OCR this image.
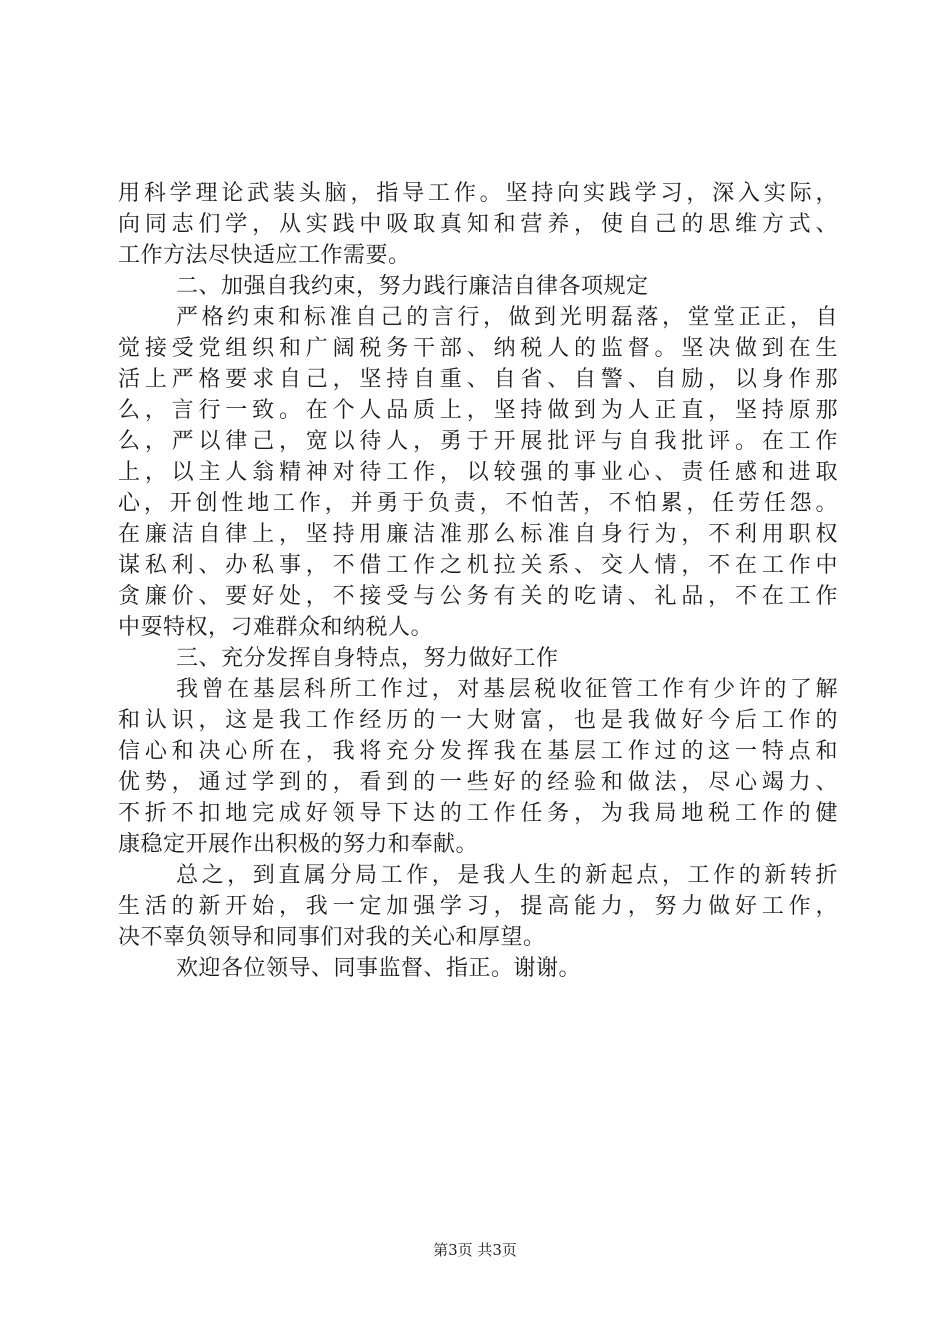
用科学理论武装头脑，指导工作。坚持向实践学习，深入实际，
向同志们学，从实践中吸取真知和营养，使自己的思维方式、
工作方法尽快适应工作需要。
二、加强自我约束，努力践行廉洁自律各项规定
严格约束和标准自己的言行，做到光明磊落，堂堂正正，自
觉接受党组织和广阔税务干部、纳税人的监督。坚决做到在生
活上严格要求自己，坚持自重、自省、自警、自励，以身作那
么，言行一致。在个人品质上，坚持做到为人正直，坚持原那
么，严以律己，宽以待人，勇于开展批评与自我批评。在工作
上，以主人翁精神对待工作，以较强的事业心、责任感和进取
心，开创性地工作，并勇于负责，不怕苦，不怕累，任劳任怨。
在廉洁自律上，坚持用廉洁准那么标准自身行为，不利用职权
谋私利、办私事，不借工作之机拉关系、交人情，不在工作中
贪廉价、要好处，不接受与公务有关的吃请、礼品，不在工作
中耍特权，刁难群众和纳税人。
三、充分发挥自身特点，努力做好工作
我曾在基层科所工作过，对基层税收征管工作有少许的了解
和认识，这是我工作经历的一大财富，也是我做好今后工作的
信心和决心所在，我将充分发挥我在基层工作过的这一特点和
优势，通过学到的，看到的一些好的经验和做法，尽心竭力、
不折不扣地完成好领导下达的工作任务，为我局地税工作的健
康稳定开展作出积极的努力和奉献。
总之，到直属分局工作，是我人生的新起点，工作的新转折
生活的新开始，我一定加强学习，提高能力，努力做好工作，
决不辜负领导和同事们对我的关心和厚望。
欢迎各位领导、同事监督、指正。谢谢。
第3页 共3页
